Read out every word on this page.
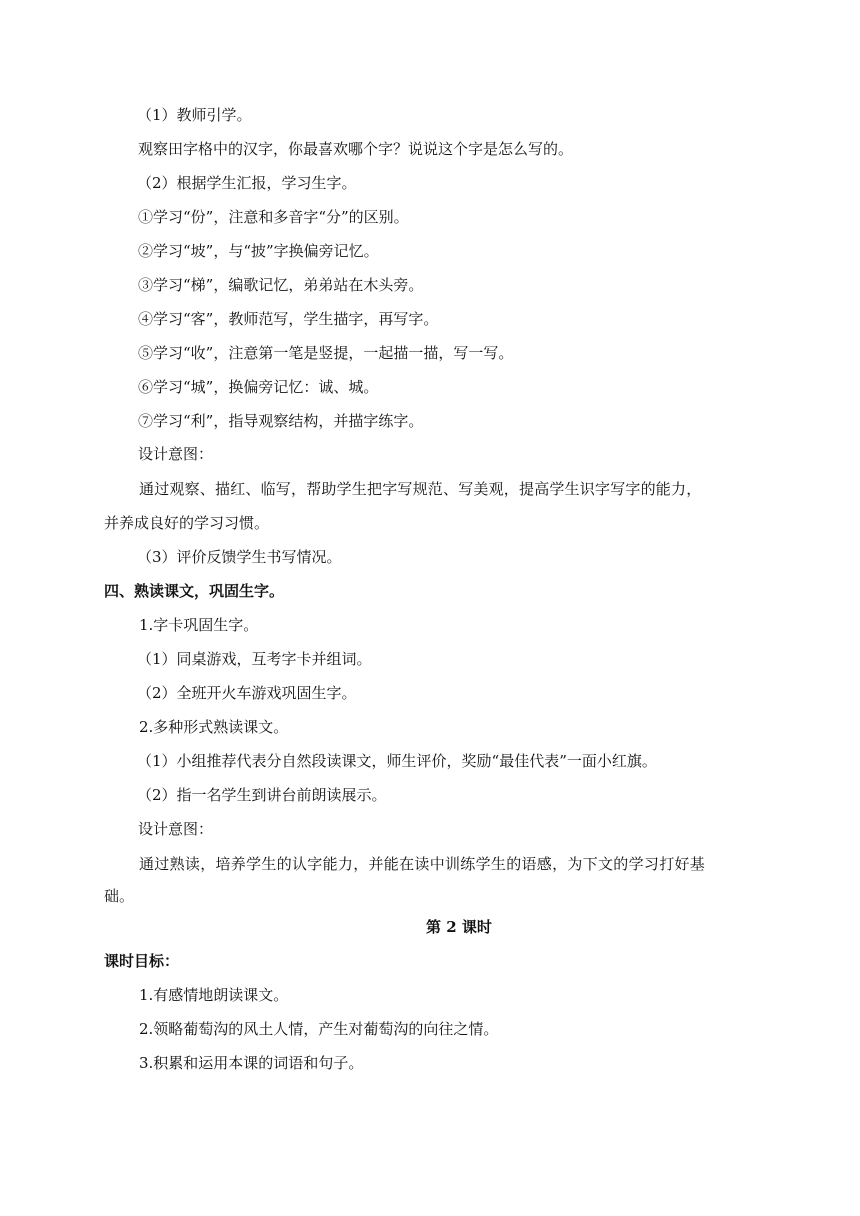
（1）教师引学。
观察田字格中的汉字，你最喜欢哪个字？说说这个字是怎么写的。
（2）根据学生汇报，学习生字。
①学习“份”，注意和多音字“分”的区别。
②学习“坡”，与“披”字换偏旁记忆。
③学习“梯”，编歌记忆，弟弟站在木头旁。
④学习“客”，教师范写，学生描字，再写字。
⑤学习“收”，注意第一笔是竖提，一起描一描，写一写。
⑥学习“城”，换偏旁记忆：诚、城。
⑦学习“利”，指导观察结构，并描字练字。
设计意图：
通过观察、描红、临写，帮助学生把字写规范、写美观，提高学生识字写字的能力，
并养成良好的学习习惯。
（3）评价反馈学生书写情况。
四、熟读课文，巩固生字。
1.字卡巩固生字。
（1）同桌游戏，互考字卡并组词。
（2）全班开火车游戏巩固生字。
2.多种形式熟读课文。
（1）小组推荐代表分自然段读课文，师生评价，奖励“最佳代表”一面小红旗。
（2）指一名学生到讲台前朗读展示。
设计意图：
通过熟读，培养学生的认字能力，并能在读中训练学生的语感，为下文的学习打好基
础。
第 2 课时
课时目标：
1.有感情地朗读课文。
2.领略葡萄沟的风土人情，产生对葡萄沟的向往之情。
3.积累和运用本课的词语和句子。
